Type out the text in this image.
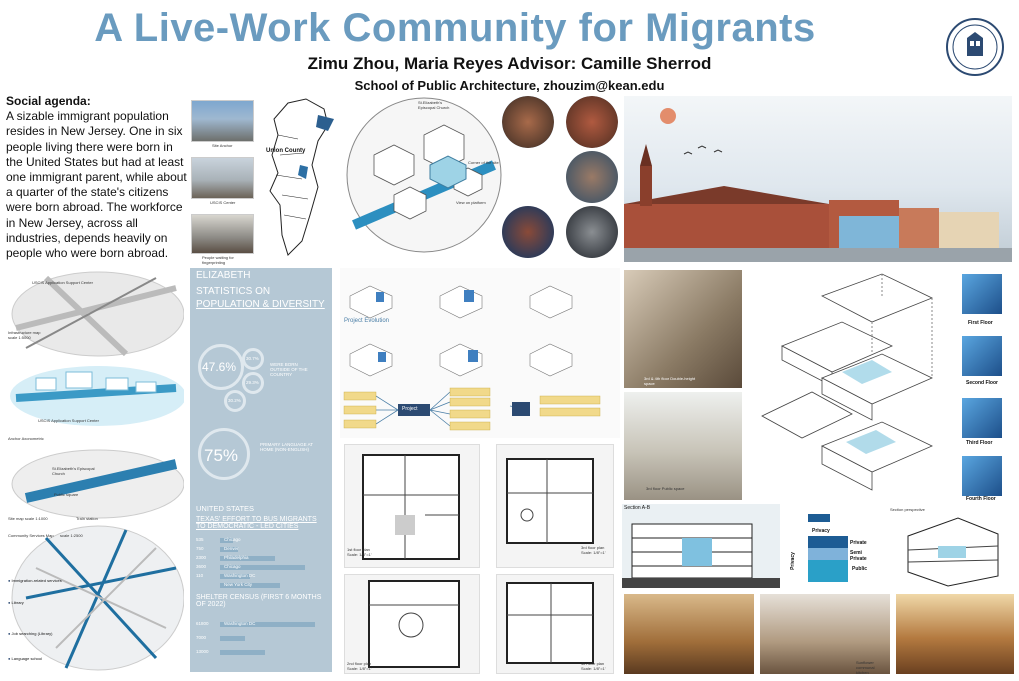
A Live-Work Community for Migrants
Zimu Zhou, Maria Reyes Advisor: Camille Sherrod
School of Public Architecture, zhouzim@kean.edu
Social agenda:
A sizable immigrant population resides in New Jersey. One in six people living there were born in the United States but had at least one immigrant parent, while about a quarter of the state's citizens were born abroad. The workforce in New Jersey, across all industries, depends heavily on people who were born abroad.
Site Anchor
USCIS Center
People waiting for fingerprinting
Union County
St.Elizabeth's Episcopal Church
View on platform
Corner of the site
USCIS Application Support Center
Infrastructure map scale 1:5000
USCIS Application Support Center
Anchor Axonometric
St.Elizabeth's Episcopal Church
Public square
Train station
Site map scale 1:1000
Community Services Map scale 1:2500
● Immigration-related services
● Library
● Job searching (Library)
● Language school
ELIZABETH
STATISTICS ON
POPULATION & DIVERSITY
47.6%
30.7%
29.3%
30.2%
WERE BORN OUTSIDE OF THE COUNTRY
75%
PRIMARY LANGUAGE AT HOME (NON-ENGLISH)
UNITED STATES
TEXAS' EFFORT TO BUS MIGRANTS TO DEMOCRATIC - LED CITIES
535	Chicago
750	Denver
2300	Philadelphia
3600	Chicago
110	Washington DC
New York City
SHELTER CENSUS (FIRST 6 MONTHS OF 2022)
61800	Washington DC
7000
13000
Project Evolution
Project
1st floor plan Scale: 1/8"=1'
3rd floor plan Scale: 1/8"=1'
2nd floor plan Scale: 1/8"=1'
4th floor plan Scale: 1/8"=1'
3rd & 4th floor Double-height space
3rd floor Public space
First Floor
Second Floor
Third Floor
Fourth Floor
Section A-B
Privacy
Private
Semi Private
Public
Privacy
Section perspective
Sunflower communal kitchen
